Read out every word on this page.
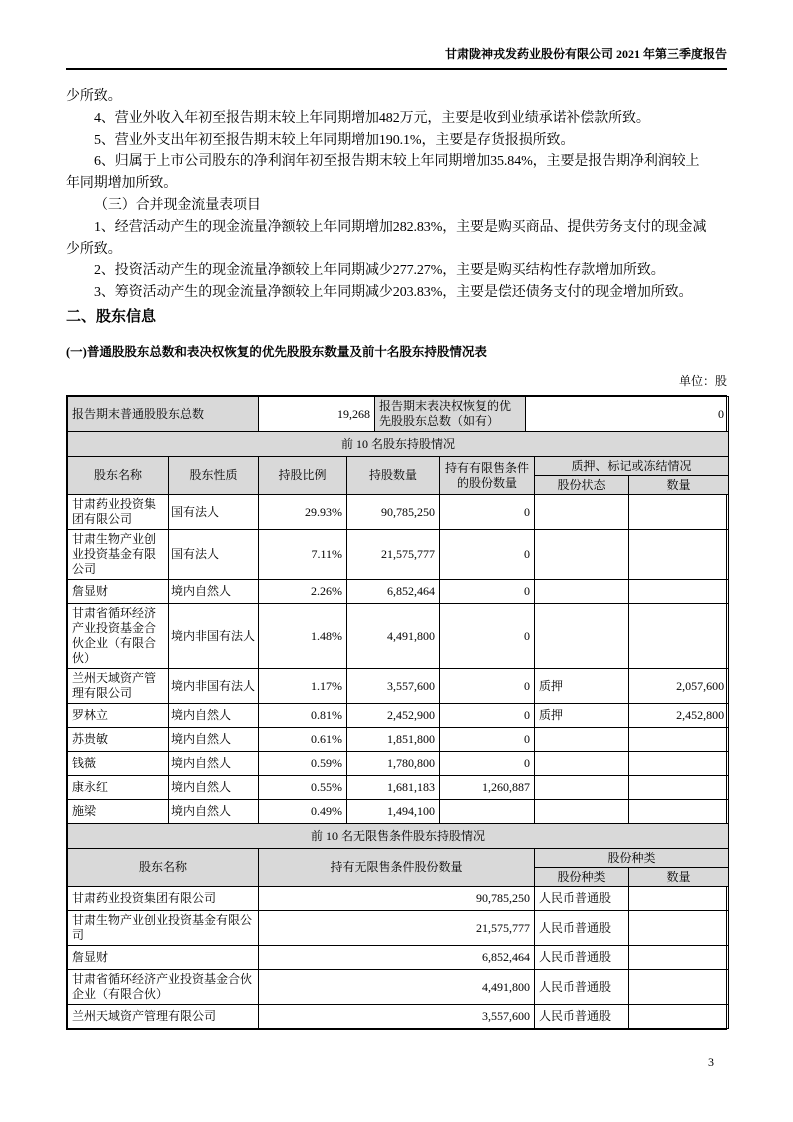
甘肃陇神戎发药业股份有限公司 2021 年第三季度报告
少所致。
4、营业外收入年初至报告期末较上年同期增加482万元，主要是收到业绩承诺补偿款所致。
5、营业外支出年初至报告期末较上年同期增加190.1%，主要是存货报损所致。
6、归属于上市公司股东的净利润年初至报告期末较上年同期增加35.84%，主要是报告期净利润较上
年同期增加所致。
（三）合并现金流量表项目
1、经营活动产生的现金流量净额较上年同期增加282.83%，主要是购买商品、提供劳务支付的现金减
少所致。
2、投资活动产生的现金流量净额较上年同期减少277.27%，主要是购买结构性存款增加所致。
3、筹资活动产生的现金流量净额较上年同期减少203.83%，主要是偿还债务支付的现金增加所致。
二、股东信息
(一)普通股股东总数和表决权恢复的优先股股东数量及前十名股东持股情况表
单位：股
报告期末普通股股东总数	19,268	报告期末表决权恢复的优先股股东总数（如有）	0
前 10 名股东持股情况						
股东名称	股东性质	持股比例	持股数量	持有有限售条件的股份数量	质押、标记或冻结情况	
					股份状态	数量
甘肃药业投资集团有限公司	国有法人	29.93%	90,785,250	0		
甘肃生物产业创业投资基金有限公司	国有法人	7.11%	21,575,777	0		
詹显财	境内自然人	2.26%	6,852,464	0		
甘肃省循环经济产业投资基金合伙企业（有限合伙）	境内非国有法人	1.48%	4,491,800	0		
兰州天域资产管理有限公司	境内非国有法人	1.17%	3,557,600	0	质押	2,057,600
罗林立	境内自然人	0.81%	2,452,900	0	质押	2,452,800
苏贵敏	境内自然人	0.61%	1,851,800	0		
钱薇	境内自然人	0.59%	1,780,800	0		
康永红	境内自然人	0.55%	1,681,183	1,260,887		
施梁	境内自然人	0.49%	1,494,100			
前 10 名无限售条件股东持股情况						
股东名称		持有无限售条件股份数量			股份种类	
					股份种类	数量
甘肃药业投资集团有限公司		90,785,250			人民币普通股	
甘肃生物产业创业投资基金有限公司		21,575,777			人民币普通股	
詹显财		6,852,464			人民币普通股	
甘肃省循环经济产业投资基金合伙企业（有限合伙）		4,491,800			人民币普通股	
兰州天域资产管理有限公司		3,557,600			人民币普通股	
3
